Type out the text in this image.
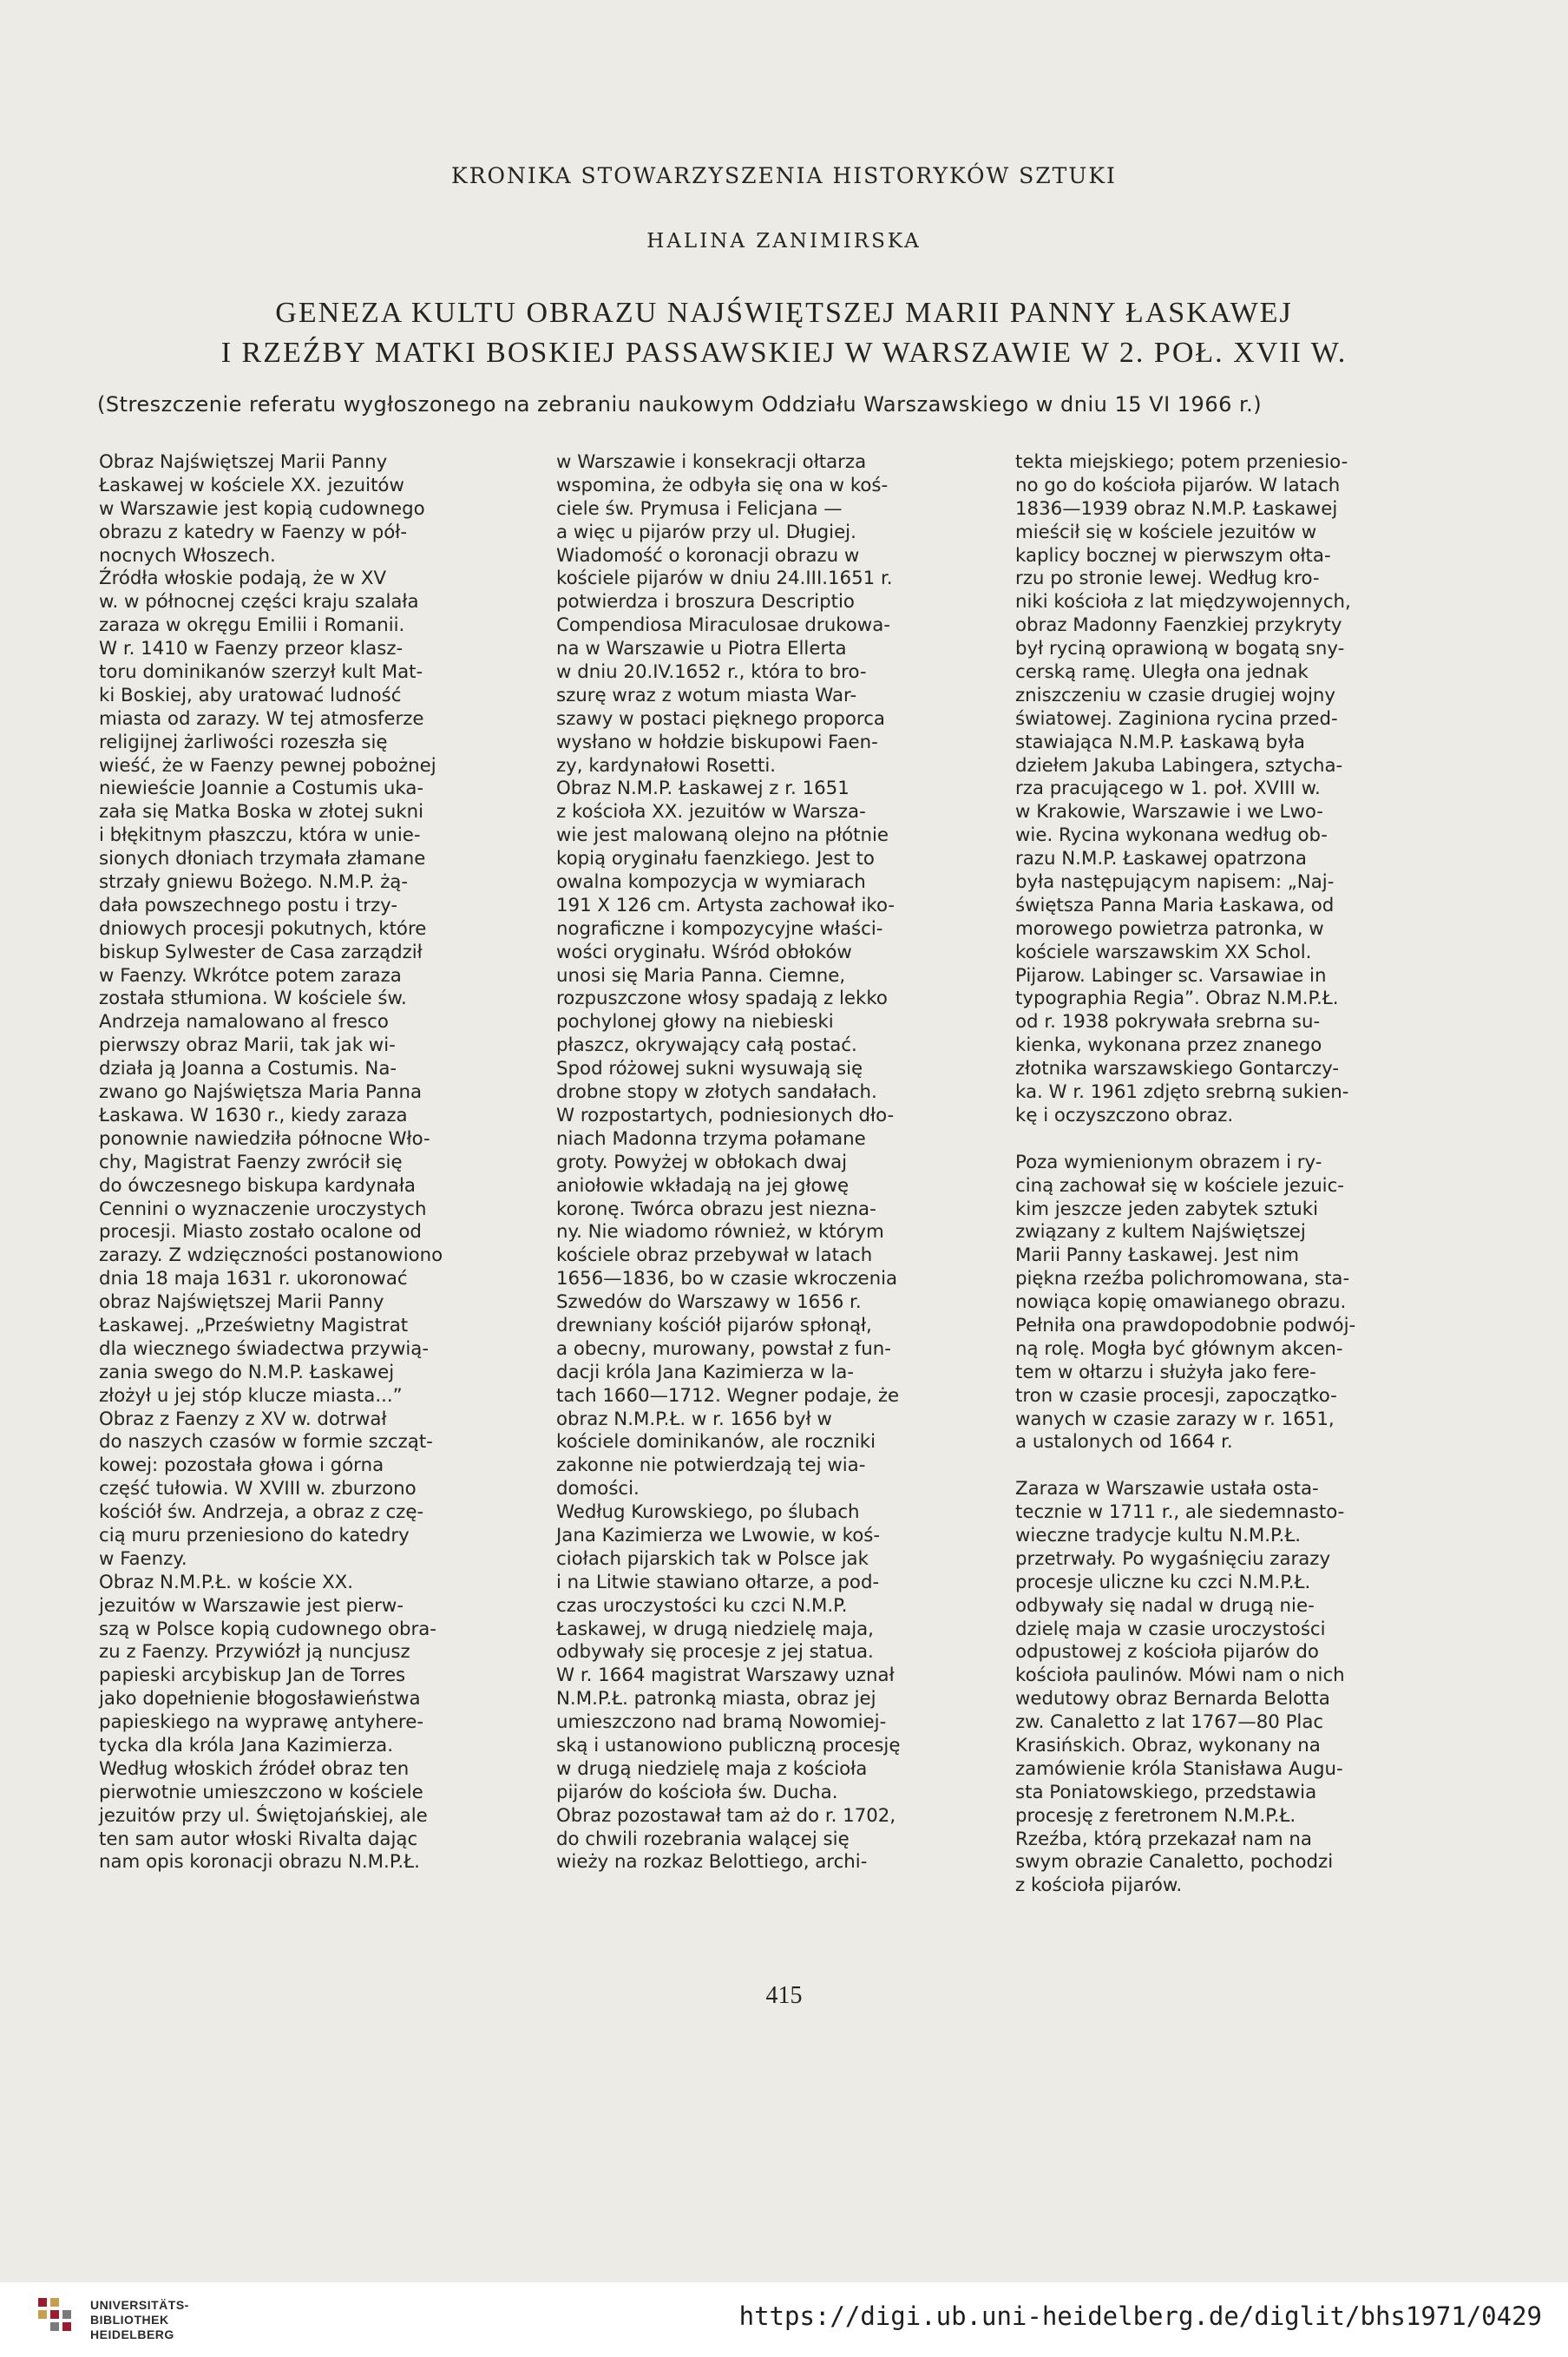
KRONIKA STOWARZYSZENIA HISTORYKÓW SZTUKI
HALINA ZANIMIRSKA
GENEZA KULTU OBRAZU NAJŚWIĘTSZEJ MARII PANNY ŁASKAWEJ
I RZEŹBY MATKI BOSKIEJ PASSAWSKIEJ W WARSZAWIE W 2. POŁ. XVII W.
(Streszczenie referatu wygłoszonego na zebraniu naukowym Oddziału Warszawskiego w dniu 15 VI 1966 r.)
Obraz Najświętszej Marii Panny
Łaskawej w kościele XX. jezuitów
w Warszawie jest kopią cudownego
obrazu z katedry w Faenzy w pół-
nocnych Włoszech.
Źródła włoskie podają, że w XV
w. w północnej części kraju szalała
zaraza w okręgu Emilii i Romanii.
W r. 1410 w Faenzy przeor klasz-
toru dominikanów szerzył kult Mat-
ki Boskiej, aby uratować ludność
miasta od zarazy. W tej atmosferze
religijnej żarliwości rozeszła się
wieść, że w Faenzy pewnej pobożnej
niewieście Joannie a Costumis uka-
zała się Matka Boska w złotej sukni
i błękitnym płaszczu, która w unie-
sionych dłoniach trzymała złamane
strzały gniewu Bożego. N.M.P. żą-
dała powszechnego postu i trzy-
dniowych procesji pokutnych, które
biskup Sylwester de Casa zarządził
w Faenzy. Wkrótce potem zaraza
została stłumiona. W kościele św.
Andrzeja namalowano al fresco
pierwszy obraz Marii, tak jak wi-
działa ją Joanna a Costumis. Na-
zwano go Najświętsza Maria Panna
Łaskawa. W 1630 r., kiedy zaraza
ponownie nawiedziła północne Wło-
chy, Magistrat Faenzy zwrócił się
do ówczesnego biskupa kardynała
Cennini o wyznaczenie uroczystych
procesji. Miasto zostało ocalone od
zarazy. Z wdzięczności postanowiono
dnia 18 maja 1631 r. ukoronować
obraz Najświętszej Marii Panny
Łaskawej. „Prześwietny Magistrat
dla wiecznego świadectwa przywią-
zania swego do N.M.P. Łaskawej
złożył u jej stóp klucze miasta...”
Obraz z Faenzy z XV w. dotrwał
do naszych czasów w formie szcząt-
kowej: pozostała głowa i górna
część tułowia. W XVIII w. zburzono
kościół św. Andrzeja, a obraz z czę-
cią muru przeniesiono do katedry
w Faenzy.
Obraz N.M.P.Ł. w koście XX.
jezuitów w Warszawie jest pierw-
szą w Polsce kopią cudownego obra-
zu z Faenzy. Przywiózł ją nuncjusz
papieski arcybiskup Jan de Torres
jako dopełnienie błogosławieństwa
papieskiego na wyprawę antyhere-
tycka dla króla Jana Kazimierza.
Według włoskich źródeł obraz ten
pierwotnie umieszczono w kościele
jezuitów przy ul. Świętojańskiej, ale
ten sam autor włoski Rivalta dając
nam opis koronacji obrazu N.M.P.Ł.
w Warszawie i konsekracji ołtarza
wspomina, że odbyła się ona w koś-
ciele św. Prymusa i Felicjana —
a więc u pijarów przy ul. Długiej.
Wiadomość o koronacji obrazu w
kościele pijarów w dniu 24.III.1651 r.
potwierdza i broszura Descriptio
Compendiosa Miraculosae drukowa-
na w Warszawie u Piotra Ellerta
w dniu 20.IV.1652 r., która to bro-
szurę wraz z wotum miasta War-
szawy w postaci pięknego proporca
wysłano w hołdzie biskupowi Faen-
zy, kardynałowi Rosetti.
Obraz N.M.P. Łaskawej z r. 1651
z kościoła XX. jezuitów w Warsza-
wie jest malowaną olejno na płótnie
kopią oryginału faenzkiego. Jest to
owalna kompozycja w wymiarach
191 X 126 cm. Artysta zachował iko-
nograficzne i kompozycyjne właści-
wości oryginału. Wśród obłoków
unosi się Maria Panna. Ciemne,
rozpuszczone włosy spadają z lekko
pochylonej głowy na niebieski
płaszcz, okrywający całą postać.
Spod różowej sukni wysuwają się
drobne stopy w złotych sandałach.
W rozpostartych, podniesionych dło-
niach Madonna trzyma połamane
groty. Powyżej w obłokach dwaj
aniołowie wkładają na jej głowę
koronę. Twórca obrazu jest niezna-
ny. Nie wiadomo również, w którym
kościele obraz przebywał w latach
1656—1836, bo w czasie wkroczenia
Szwedów do Warszawy w 1656 r.
drewniany kościół pijarów spłonął,
a obecny, murowany, powstał z fun-
dacji króla Jana Kazimierza w la-
tach 1660—1712. Wegner podaje, że
obraz N.M.P.Ł. w r. 1656 był w
kościele dominikanów, ale roczniki
zakonne nie potwierdzają tej wia-
domości.
Według Kurowskiego, po ślubach
Jana Kazimierza we Lwowie, w koś-
ciołach pijarskich tak w Polsce jak
i na Litwie stawiano ołtarze, a pod-
czas uroczystości ku czci N.M.P.
Łaskawej, w drugą niedzielę maja,
odbywały się procesje z jej statua.
W r. 1664 magistrat Warszawy uznał
N.M.P.Ł. patronką miasta, obraz jej
umieszczono nad bramą Nowomiej-
ską i ustanowiono publiczną procesję
w drugą niedzielę maja z kościoła
pijarów do kościoła św. Ducha.
Obraz pozostawał tam aż do r. 1702,
do chwili rozebrania walącej się
wieży na rozkaz Belottiego, archi-
tekta miejskiego; potem przeniesio-
no go do kościoła pijarów. W latach
1836—1939 obraz N.M.P. Łaskawej
mieścił się w kościele jezuitów w
kaplicy bocznej w pierwszym ołta-
rzu po stronie lewej. Według kro-
niki kościoła z lat międzywojennych,
obraz Madonny Faenzkiej przykryty
był ryciną oprawioną w bogatą sny-
cerską ramę. Uległa ona jednak
zniszczeniu w czasie drugiej wojny
światowej. Zaginiona rycina przed-
stawiająca N.M.P. Łaskawą była
dziełem Jakuba Labingera, sztycha-
rza pracującego w 1. poł. XVIII w.
w Krakowie, Warszawie i we Lwo-
wie. Rycina wykonana według ob-
razu N.M.P. Łaskawej opatrzona
była następującym napisem: „Naj-
świętsza Panna Maria Łaskawa, od
morowego powietrza patronka, w
kościele warszawskim XX Schol.
Pijarow. Labinger sc. Varsawiae in
typographia Regia”. Obraz N.M.P.Ł.
od r. 1938 pokrywała srebrna su-
kienka, wykonana przez znanego
złotnika warszawskiego Gontarczy-
ka. W r. 1961 zdjęto srebrną sukien-
kę i oczyszczono obraz.
Poza wymienionym obrazem i ry-
ciną zachował się w kościele jezuic-
kim jeszcze jeden zabytek sztuki
związany z kultem Najświętszej
Marii Panny Łaskawej. Jest nim
piękna rzeźba polichromowana, sta-
nowiąca kopię omawianego obrazu.
Pełniła ona prawdopodobnie podwój-
ną rolę. Mogła być głównym akcen-
tem w ołtarzu i służyła jako fere-
tron w czasie procesji, zapoczątko-
wanych w czasie zarazy w r. 1651,
a ustalonych od 1664 r.
Zaraza w Warszawie ustała osta-
tecznie w 1711 r., ale siedemnasto-
wieczne tradycje kultu N.M.P.Ł.
przetrwały. Po wygaśnięciu zarazy
procesje uliczne ku czci N.M.P.Ł.
odbywały się nadal w drugą nie-
dzielę maja w czasie uroczystości
odpustowej z kościoła pijarów do
kościoła paulinów. Mówi nam o nich
wedutowy obraz Bernarda Belotta
zw. Canaletto z lat 1767—80 Plac
Krasińskich. Obraz, wykonany na
zamówienie króla Stanisława Augu-
sta Poniatowskiego, przedstawia
procesję z feretronem N.M.P.Ł.
Rzeźba, którą przekazał nam na
swym obrazie Canaletto, pochodzi
z kościoła pijarów.
415
UNIVERSITÄTS-
BIBLIOTHEK
HEIDELBERG
https://digi.ub.uni-heidelberg.de/diglit/bhs1971/0429
